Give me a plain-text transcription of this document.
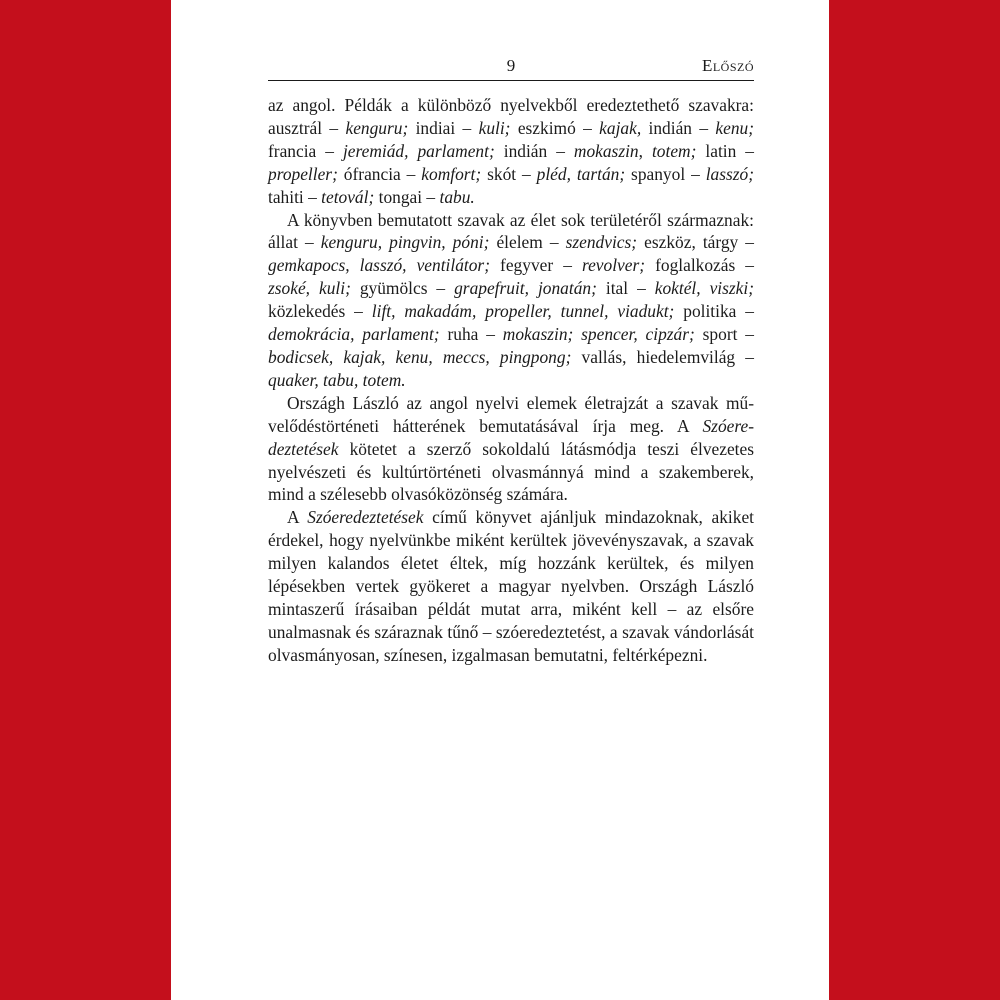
9	Előszó

az angol. Példák a különböző nyelvekből eredeztethető szavakra: ausztrál – kenguru; indiai – kuli; eszkimó – kajak, indián – kenu; francia – jeremiád, parlament; indián – mokaszin, totem; latin – propeller; ófrancia – komfort; skót – pléd, tartán; spanyol – lasszó; tahiti – tetovál; tongai – tabu.

A könyvben bemutatott szavak az élet sok területéről származnak: állat – kenguru, pingvin, póni; élelem – szendvics; eszköz, tárgy – gemkapocs, lasszó, ventilátor; fegyver – revolver; foglalkozás – zsoké, kuli; gyümölcs – grapefruit, jonatán; ital – koktél, viszki; közlekedés – lift, makadám, propeller, tunnel, viadukt; politika – demokrácia, parlament; ruha – mokaszin; spencer, cipzár; sport – bodicsek, kajak, kenu, meccs, pingpong; vallás, hiedelemvilág – quaker, tabu, totem.

Országh László az angol nyelvi elemek életrajzát a szavak művelődéstörténeti hátterének bemutatásával írja meg. A Szóeredeztetések kötetet a szerző sokoldalú látásmódja teszi élvezetes nyelvészeti és kultúrtörténeti olvasmánnyá mind a szakemberek, mind a szélesebb olvasóközönség számára.

A Szóeredeztetések című könyvet ajánljuk mindazoknak, akiket érdekel, hogy nyelvünkbe miként kerültek jövevényszavak, a szavak milyen kalandos életet éltek, míg hozzánk kerültek, és milyen lépésekben vertek gyökeret a magyar nyelvben. Országh László mintaszerű írásaiban példát mutat arra, miként kell – az elsőre unalmasnak és száraznak tűnő – szóeredeztetést, a szavak vándorlását olvasmányosan, színesen, izgalmasan bemutatni, feltérképezni.
